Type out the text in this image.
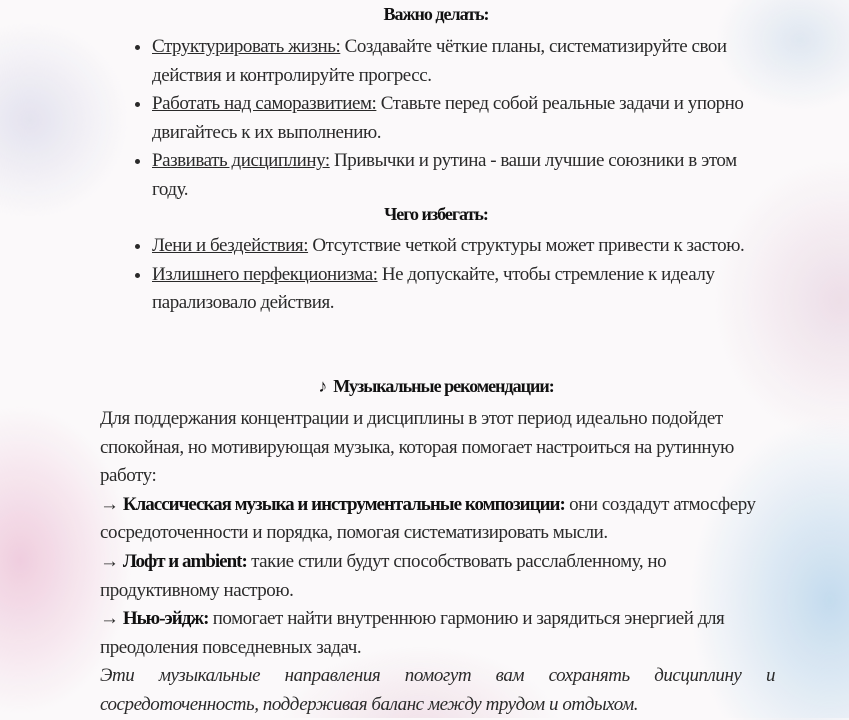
Важно делать:
• Структурировать жизнь: Создавайте чёткие планы, систематизируйте свои действия и контролируйте прогресс.
• Работать над саморазвитием: Ставьте перед собой реальные задачи и упорно двигайтесь к их выполнению.
• Развивать дисциплину: Привычки и рутина - ваши лучшие союзники в этом году.
Чего избегать:
• Лени и бездействия: Отсутствие четкой структуры может привести к застою.
• Излишнего перфекционизма: Не допускайте, чтобы стремление к идеалу парализовало действия.
♪ Музыкальные рекомендации:

Для поддержания концентрации и дисциплины в этот период идеально подойдет спокойная, но мотивирующая музыка, которая помогает настроиться на рутинную работу:

→ Классическая музыка и инструментальные композиции: они создадут атмосферу сосредоточенности и порядка, помогая систематизировать мысли.

→ Лофт и ambient: такие стили будут способствовать расслабленному, но продуктивному настрою.

→ Нью-эйдж: помогает найти внутреннюю гармонию и зарядиться энергией для преодоления повседневных задач.

Эти музыкальные направления помогут вам сохранять дисциплину и сосредоточенность, поддерживая баланс между трудом и отдыхом.
